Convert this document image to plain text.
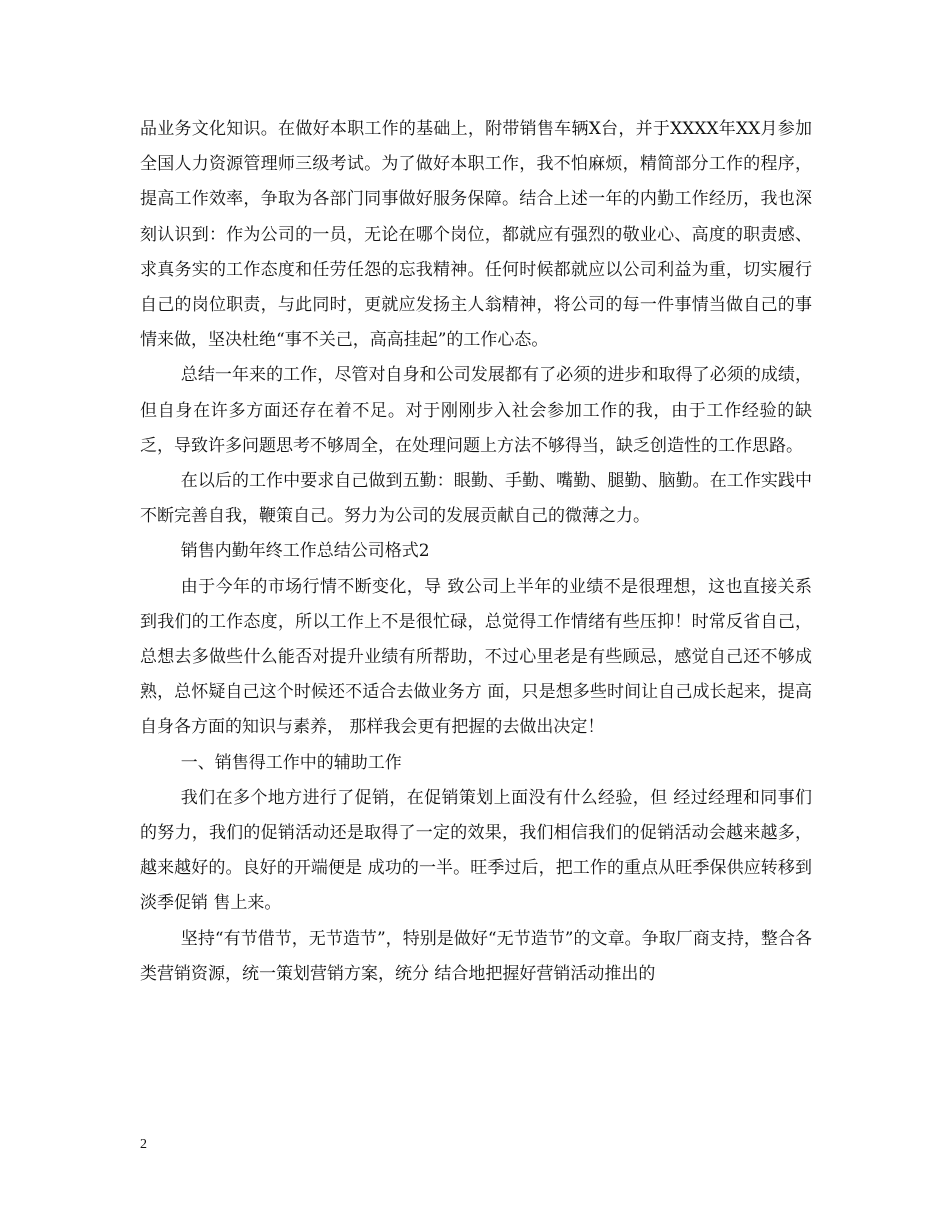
品业务文化知识。在做好本职工作的基础上，附带销售车辆X台，并于XXXX年XX月参加全国人力资源管理师三级考试。为了做好本职工作，我不怕麻烦，精简部分工作的程序，提高工作效率，争取为各部门同事做好服务保障。结合上述一年的内勤工作经历，我也深刻认识到：作为公司的一员，无论在哪个岗位，都就应有强烈的敬业心、高度的职责感、求真务实的工作态度和任劳任怨的忘我精神。任何时候都就应以公司利益为重，切实履行自己的岗位职责，与此同时，更就应发扬主人翁精神，将公司的每一件事情当做自己的事情来做，坚决杜绝“事不关己，高高挂起”的工作心态。

总结一年来的工作，尽管对自身和公司发展都有了必须的进步和取得了必须的成绩，但自身在许多方面还存在着不足。对于刚刚步入社会参加工作的我，由于工作经验的缺乏，导致许多问题思考不够周全，在处理问题上方法不够得当，缺乏创造性的工作思路。

在以后的工作中要求自己做到五勤：眼勤、手勤、嘴勤、腿勤、脑勤。在工作实践中不断完善自我，鞭策自己。努力为公司的发展贡献自己的微薄之力。

销售内勤年终工作总结公司格式2

由于今年的市场行情不断变化，导 致公司上半年的业绩不是很理想，这也直接关系到我们的工作态度，所以工作上不是很忙碌，总觉得工作情绪有些压抑！时常反省自己， 总想去多做些什么能否对提升业绩有所帮助，不过心里老是有些顾忌，感觉自己还不够成熟，总怀疑自己这个时候还不适合去做业务方 面，只是想多些时间让自己成长起来，提高自身各方面的知识与素养， 那样我会更有把握的去做出决定！

一、销售得工作中的辅助工作

我们在多个地方进行了促销，在促销策划上面没有什么经验，但 经过经理和同事们的努力，我们的促销活动还是取得了一定的效果，我们相信我们的促销活动会越来越多，越来越好的。良好的开端便是 成功的一半。旺季过后，把工作的重点从旺季保供应转移到淡季促销 售上来。

坚持“有节借节，无节造节”，特别是做好“无节造节”的文章。争取厂商支持，整合各类营销资源，统一策划营销方案，统分 结合地把握好营销活动推出的

2
